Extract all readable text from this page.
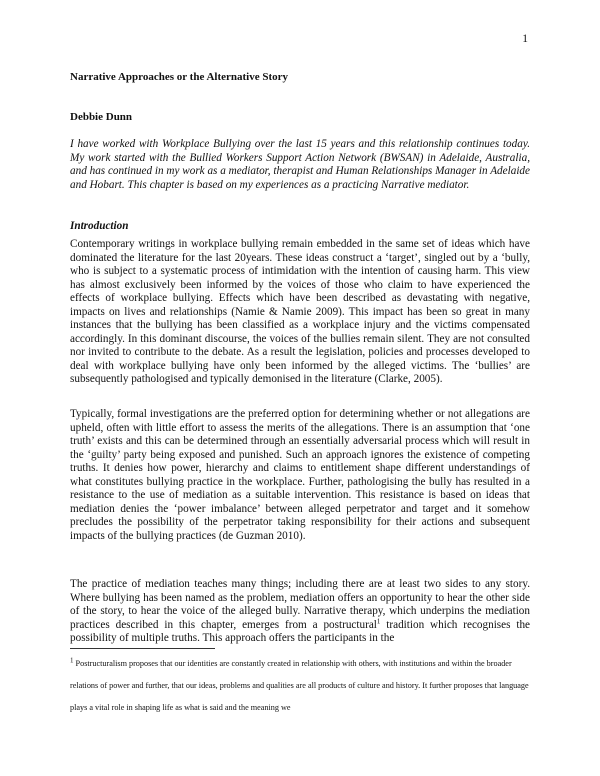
1
Narrative Approaches or the Alternative Story
Debbie Dunn

I have worked with Workplace Bullying over the last 15 years and this relationship continues today. My work started with the Bullied Workers Support Action Network (BWSAN) in Adelaide, Australia, and has continued in my work as a mediator, therapist and Human Relationships Manager in Adelaide and Hobart. This chapter is based on my experiences as a practicing Narrative mediator.

Introduction

Contemporary writings in workplace bullying remain embedded in the same set of ideas which have dominated the literature for the last 20years. These ideas construct a ‘target’, singled out by a ‘bully, who is subject to a systematic process of intimidation with the intention of causing harm. This view has almost exclusively been informed by the voices of those who claim to have experienced the effects of workplace bullying. Effects which have been described as devastating with negative, impacts on lives and relationships (Namie & Namie 2009). This impact has been so great in many instances that the bullying has been classified as a workplace injury and the victims compensated accordingly. In this dominant discourse, the voices of the bullies remain silent. They are not consulted nor invited to contribute to the debate. As a result the legislation, policies and processes developed to deal with workplace bullying have only been informed by the alleged victims. The ‘bullies’ are subsequently pathologised and typically demonised in the literature (Clarke, 2005).

Typically, formal investigations are the preferred option for determining whether or not allegations are upheld, often with little effort to assess the merits of the allegations. There is an assumption that ‘one truth’ exists and this can be determined through an essentially adversarial process which will result in the ‘guilty’ party being exposed and punished. Such an approach ignores the existence of competing truths. It denies how power, hierarchy and claims to entitlement shape different understandings of what constitutes bullying practice in the workplace. Further, pathologising the bully has resulted in a resistance to the use of mediation as a suitable intervention. This resistance is based on ideas that mediation denies the ‘power imbalance’ between alleged perpetrator and target and it somehow precludes the possibility of the perpetrator taking responsibility for their actions and subsequent impacts of the bullying practices (de Guzman 2010).

The practice of mediation teaches many things; including there are at least two sides to any story. Where bullying has been named as the problem, mediation offers an opportunity to hear the other side of the story, to hear the voice of the alleged bully. Narrative therapy, which underpins the mediation practices described in this chapter, emerges from a postructural$^1$ tradition which recognises the possibility of multiple truths. This approach offers the participants in the

$^1$ Postructuralism proposes that our identities are constantly created in relationship with others, with institutions and within the broader relations of power and further, that our ideas, problems and qualities are all products of culture and history. It further proposes that language plays a vital role in shaping life as what is said and the meaning we
